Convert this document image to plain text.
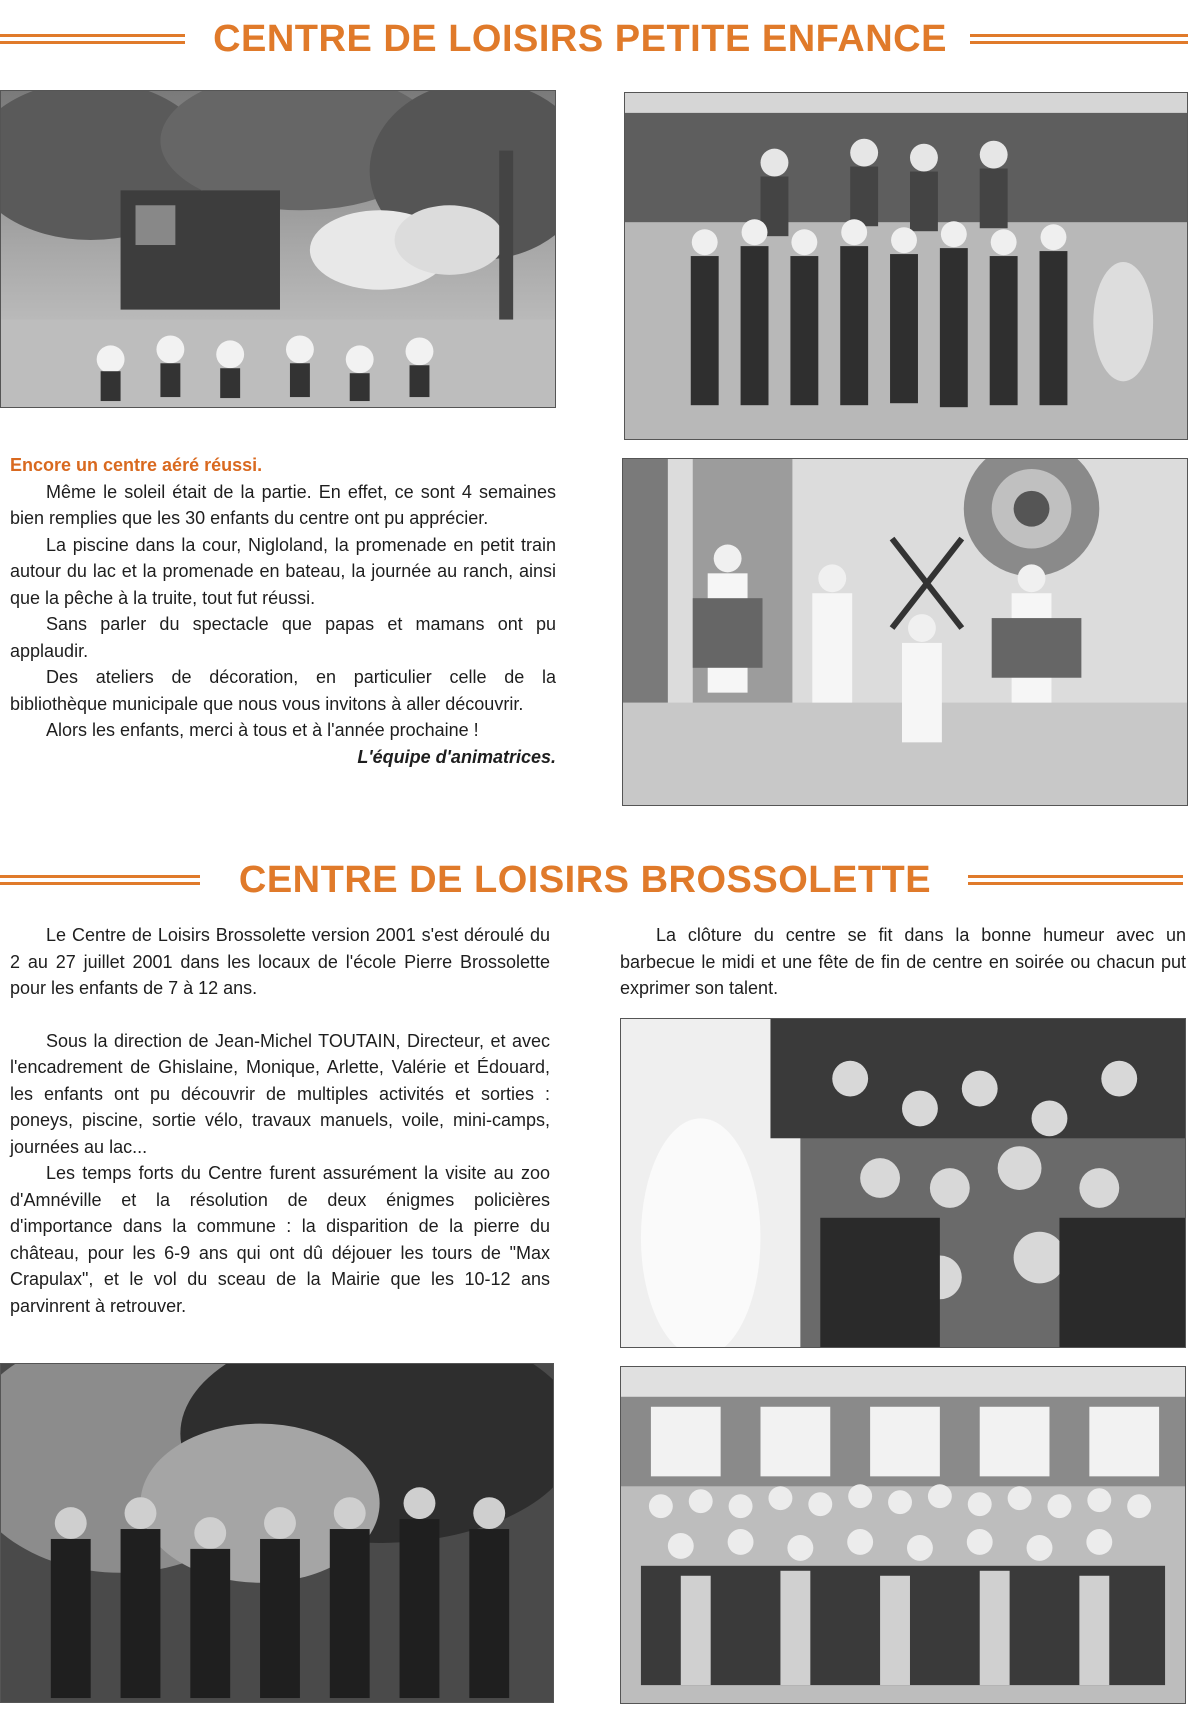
CENTRE DE LOISIRS PETITE ENFANCE

Encore un centre aéré réussi.

Même le soleil était de la partie. En effet, ce sont 4 semaines bien remplies que les 30 enfants du centre ont pu apprécier.

La piscine dans la cour, Nigloland, la promenade en petit train autour du lac et la promenade en bateau, la journée au ranch, ainsi que la pêche à la truite, tout fut réussi.

Sans parler du spectacle que papas et mamans ont pu applaudir.

Des ateliers de décoration, en particulier celle de la bibliothèque municipale que nous vous invitons à aller découvrir.

Alors les enfants, merci à tous et à l'année prochaine !

L'équipe d'animatrices.

CENTRE DE LOISIRS BROSSOLETTE

Le Centre de Loisirs Brossolette version 2001 s'est déroulé du 2 au 27 juillet 2001 dans les locaux de l'école Pierre Brossolette pour les enfants de 7 à 12 ans.

Sous la direction de Jean-Michel TOUTAIN, Directeur, et avec l'encadrement de Ghislaine, Monique, Arlette, Valérie et Édouard, les enfants ont pu découvrir de multiples activités et sorties : poneys, piscine, sortie vélo, travaux manuels, voile, mini-camps, journées au lac...

Les temps forts du Centre furent assurément la visite au zoo d'Amnéville et la résolution de deux énigmes policières d'importance dans la commune : la disparition de la pierre du château, pour les 6-9 ans qui ont dû déjouer les tours de "Max Crapulax", et le vol du sceau de la Mairie que les 10-12 ans parvinrent à retrouver.

La clôture du centre se fit dans la bonne humeur avec un barbecue le midi et une fête de fin de centre en soirée ou chacun put exprimer son talent.
